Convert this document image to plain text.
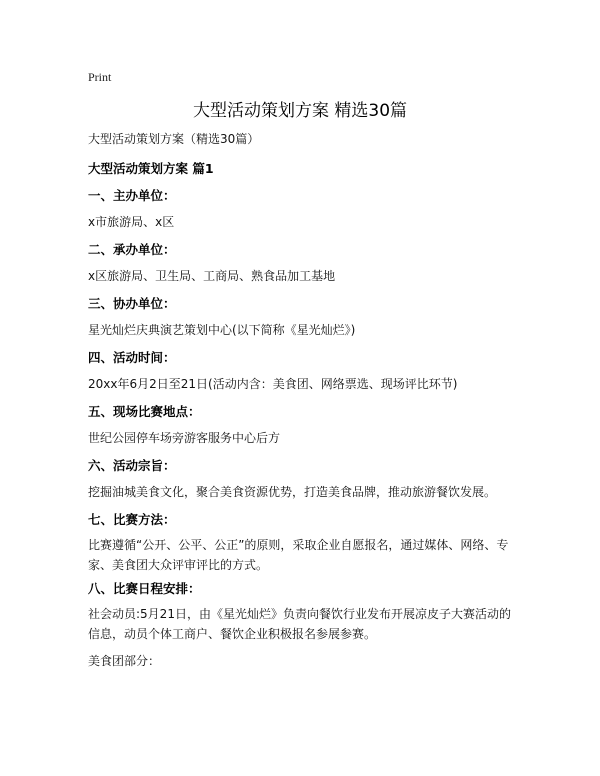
Print
大型活动策划方案 精选30篇

大型活动策划方案（精选30篇）

大型活动策划方案 篇1

一、主办单位：

x市旅游局、x区

二、承办单位：

x区旅游局、卫生局、工商局、熟食品加工基地

三、协办单位：

星光灿烂庆典演艺策划中心(以下简称《星光灿烂》)

四、活动时间：

20xx年6月2日至21日(活动内含：美食团、网络票选、现场评比环节)

五、现场比赛地点：

世纪公园停车场旁游客服务中心后方

六、活动宗旨：

挖掘油城美食文化，聚合美食资源优势，打造美食品牌，推动旅游餐饮发展。

七、比赛方法：

比赛遵循“公开、公平、公正”的原则，采取企业自愿报名，通过媒体、网络、专家、美食团大众评审评比的方式。

八、比赛日程安排：

社会动员:5月21日，由《星光灿烂》负责向餐饮行业发布开展凉皮子大赛活动的信息，动员个体工商户、餐饮企业积极报名参展参赛。

美食团部分：
